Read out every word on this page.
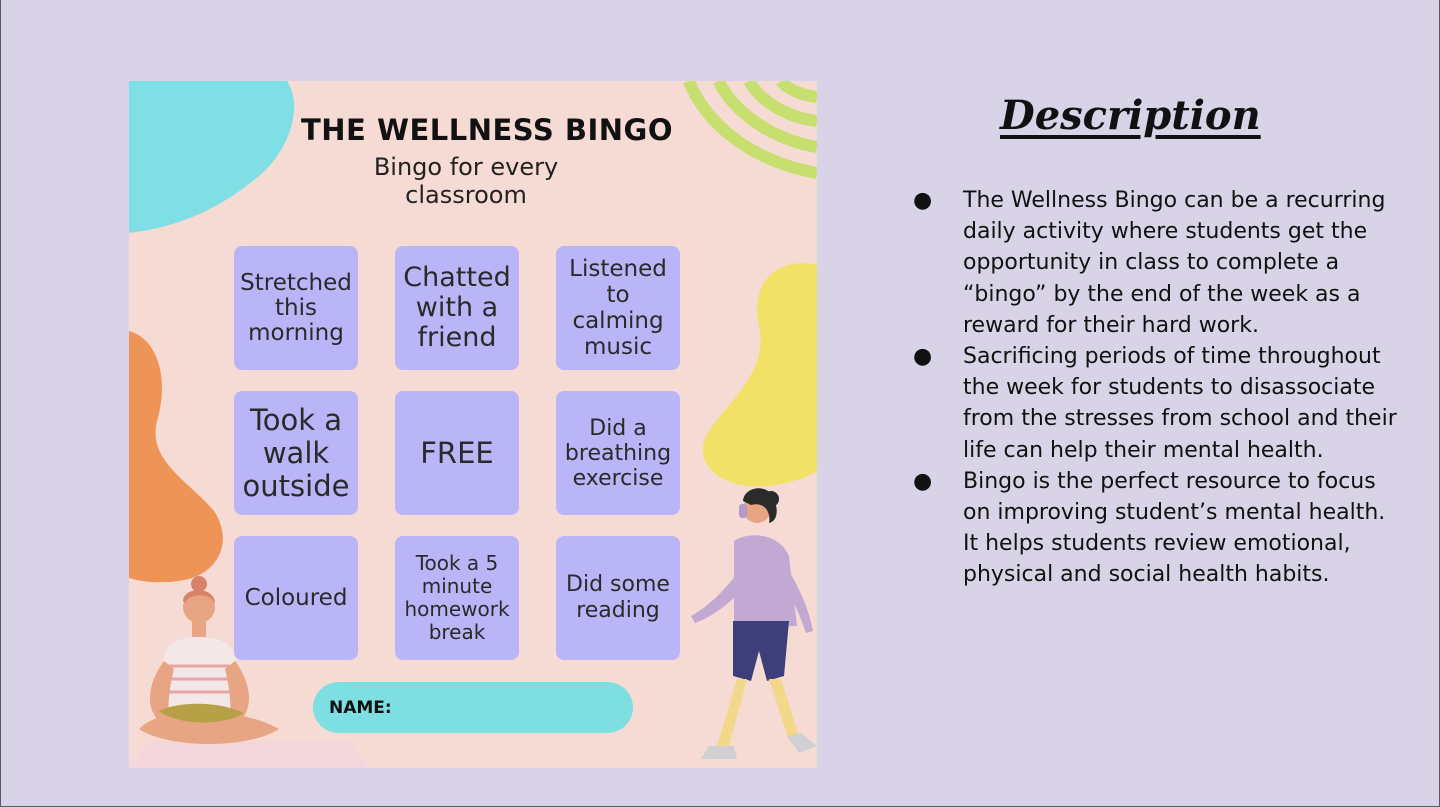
THE WELLNESS BINGO
Bingo for every classroom
Stretched this morning
Chatted with a friend
Listened to calming music
Took a walk outside
FREE
Did a breathing exercise
Coloured
Took a 5 minute homework break
Did some reading
NAME:
Description
● The Wellness Bingo can be a recurring daily activity where students get the opportunity in class to complete a “bingo” by the end of the week as a reward for their hard work.
● Sacrificing periods of time throughout the week for students to disassociate from the stresses from school and their life can help their mental health.
● Bingo is the perfect resource to focus on improving student’s mental health. It helps students review emotional, physical and social health habits.
